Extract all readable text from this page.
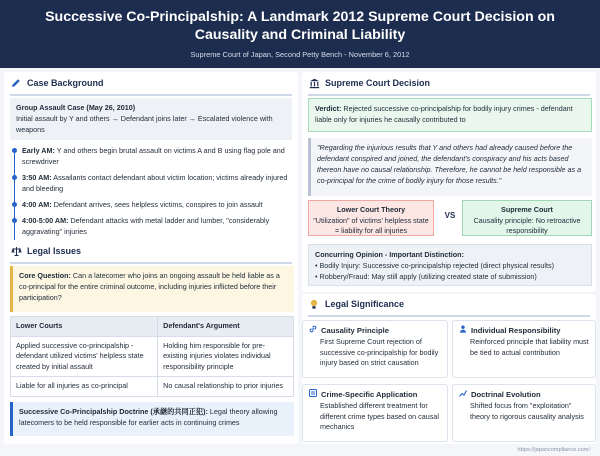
Successive Co-Principalship: A Landmark 2012 Supreme Court Decision on Causality and Criminal Liability
Supreme Court of Japan, Second Petty Bench - November 6, 2012
Case Background
Group Assault Case (May 26, 2010)
Initial assault by Y and others → Defendant joins later → Escalated violence with weapons
Early AM: Y and others begin brutal assault on victims A and B using flag pole and screwdriver
3:50 AM: Assailants contact defendant about victim location; victims already injured and bleeding
4:00 AM: Defendant arrives, sees helpless victims, conspires to join assault
4:00-5:00 AM: Defendant attacks with metal ladder and lumber, "considerably aggravating" injuries
Legal Issues
Core Question: Can a latecomer who joins an ongoing assault be held liable as a co-principal for the entire criminal outcome, including injuries inflicted before their participation?
Lower Courts	Defendant's Argument
Applied successive co-principalship - defendant utilized victims' helpless state created by initial assault	Holding him responsible for pre-existing injuries violates individual responsibility principle
Liable for all injuries as co-principal	No causal relationship to prior injuries
Successive Co-Principalship Doctrine (承継的共同正犯): Legal theory allowing latecomers to be held responsible for earlier acts in continuing crimes
Supreme Court Decision
Verdict: Rejected successive co-principalship for bodily injury crimes - defendant liable only for injuries he causally contributed to
"Regarding the injurious results that Y and others had already caused before the defendant conspired and joined, the defendant's conspiracy and his acts based thereon have no causal relationship. Therefore, he cannot be held responsible as a co-principal for the crime of bodily injury for those results."
Lower Court Theory
"Utilization" of victims' helpless state = liability for all injuries
VS
Supreme Court
Causality principle: No retroactive responsibility
Concurring Opinion - Important Distinction:
• Bodily Injury: Successive co-principalship rejected (direct physical results)
• Robbery/Fraud: May still apply (utilizing created state of submission)
Legal Significance
Causality Principle
First Supreme Court rejection of successive co-principalship for bodily injury based on strict causation
Individual Responsibility
Reinforced principle that liability must be tied to actual contribution
Crime-Specific Application
Established different treatment for different crime types based on causal mechanics
Doctrinal Evolution
Shifted focus from "exploitation" theory to rigorous causality analysis
https://japancompliance.com/
